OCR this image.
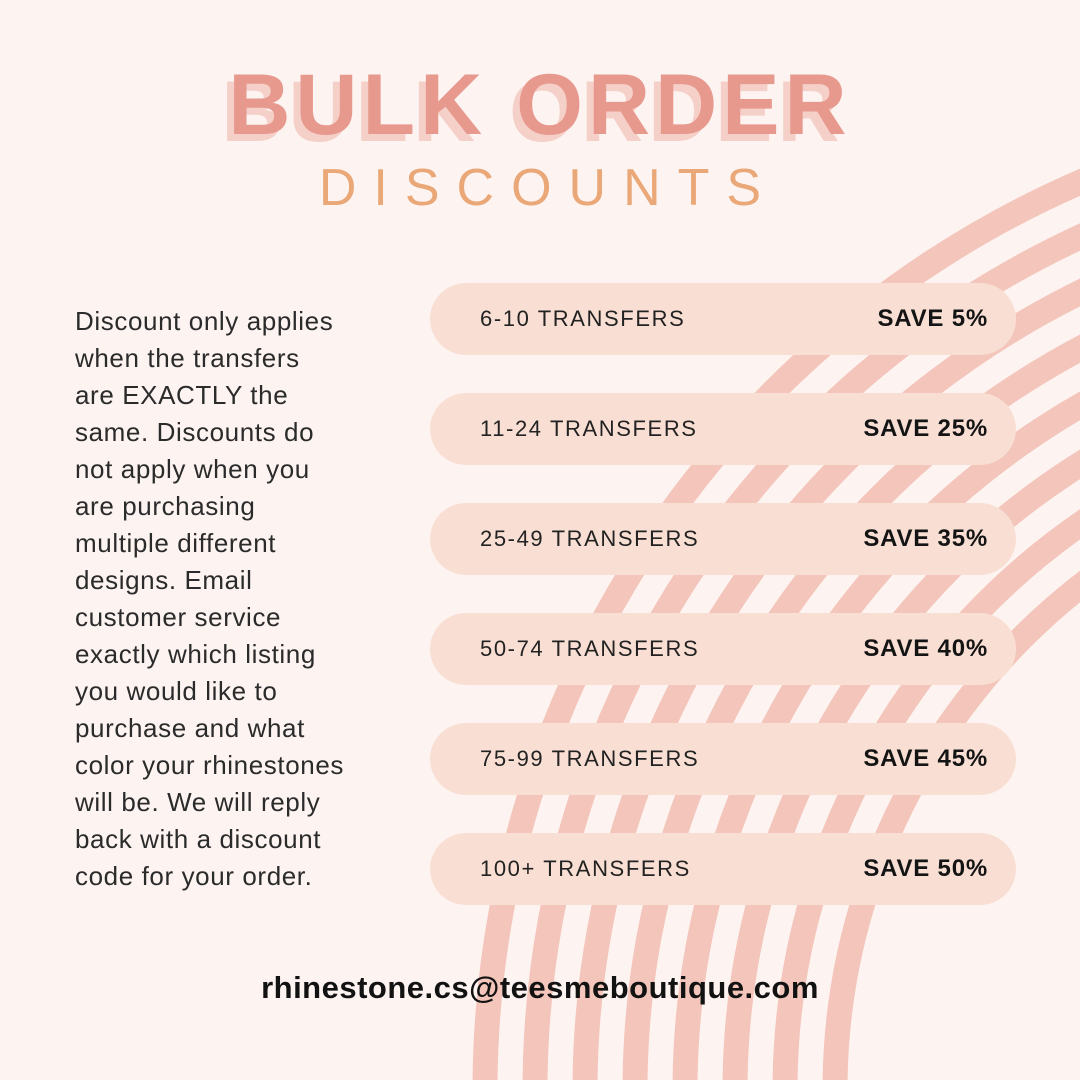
BULK ORDER
DISCOUNTS
Discount only applies
when the transfers
are EXACTLY the
same. Discounts do
not apply when you
are purchasing
multiple different
designs. Email
customer service
exactly which listing
you would like to
purchase and what
color your rhinestones
will be. We will reply
back with a discount
code for your order.
6-10 TRANSFERS	SAVE 5%
11-24 TRANSFERS	SAVE 25%
25-49 TRANSFERS	SAVE 35%
50-74 TRANSFERS	SAVE 40%
75-99 TRANSFERS	SAVE 45%
100+ TRANSFERS	SAVE 50%
rhinestone.cs@teesmeboutique.com
